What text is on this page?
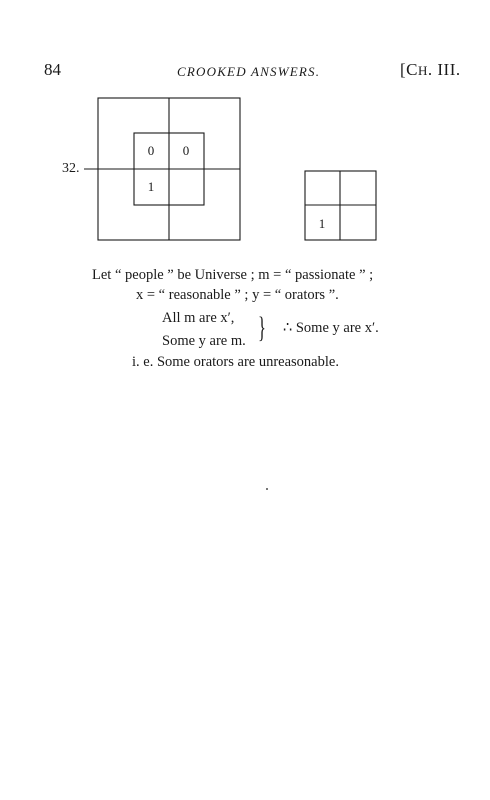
84	CROOKED ANSWERS.	[CH. III.
32.
0 0
1
1
Let “ people ” be Universe ; m = “ passionate ” ;
x = “ reasonable ” ; y = “ orators ”.
All m are x′,
Some y are m. } ∴ Some y are x′.
i. e. Some orators are unreasonable.
